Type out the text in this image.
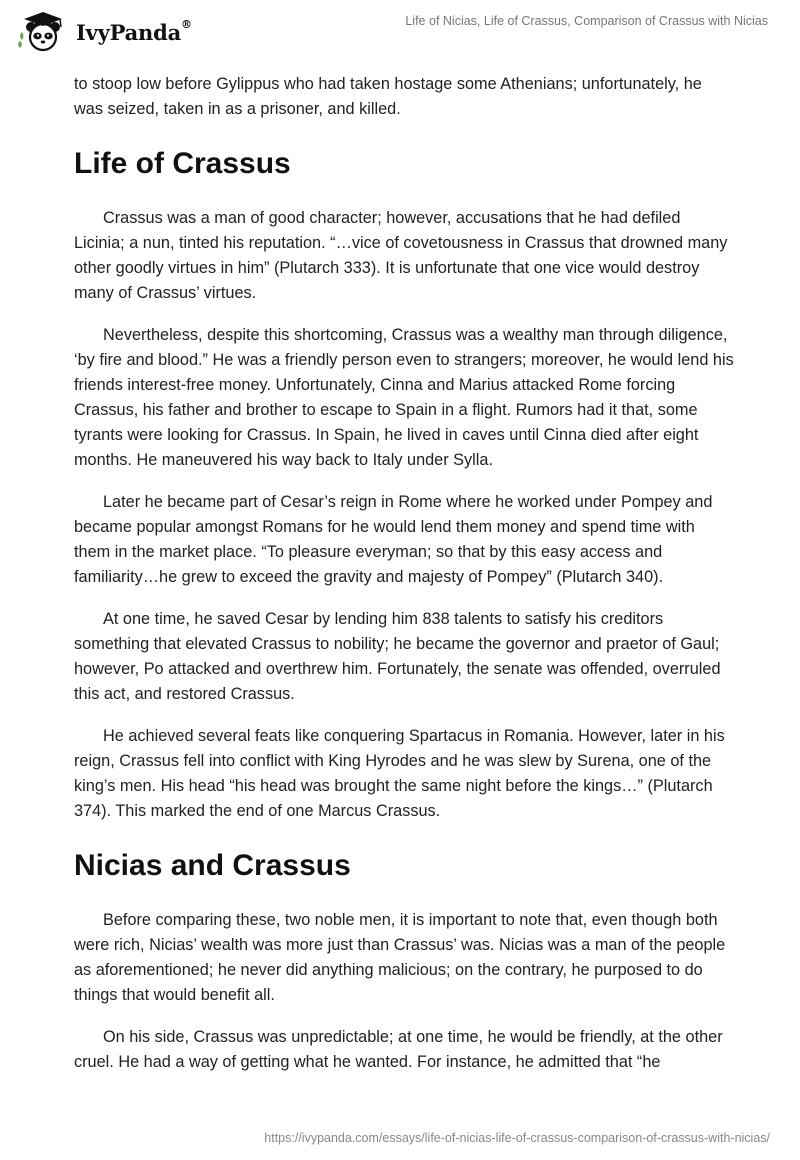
IvyPanda®	Life of Nicias, Life of Crassus, Comparison of Crassus with Nicias

to stoop low before Gylippus who had taken hostage some Athenians; unfortunately, he was seized, taken in as a prisoner, and killed.

Life of Crassus

Crassus was a man of good character; however, accusations that he had defiled Licinia; a nun, tinted his reputation. “…vice of covetousness in Crassus that drowned many other goodly virtues in him” (Plutarch 333). It is unfortunate that one vice would destroy many of Crassus’ virtues.

Nevertheless, despite this shortcoming, Crassus was a wealthy man through diligence, ‘by fire and blood.” He was a friendly person even to strangers; moreover, he would lend his friends interest-free money. Unfortunately, Cinna and Marius attacked Rome forcing Crassus, his father and brother to escape to Spain in a flight. Rumors had it that, some tyrants were looking for Crassus. In Spain, he lived in caves until Cinna died after eight months. He maneuvered his way back to Italy under Sylla.

Later he became part of Cesar’s reign in Rome where he worked under Pompey and became popular amongst Romans for he would lend them money and spend time with them in the market place. “To pleasure everyman; so that by this easy access and familiarity…he grew to exceed the gravity and majesty of Pompey” (Plutarch 340).

At one time, he saved Cesar by lending him 838 talents to satisfy his creditors something that elevated Crassus to nobility; he became the governor and praetor of Gaul; however, Po attacked and overthrew him. Fortunately, the senate was offended, overruled this act, and restored Crassus.

He achieved several feats like conquering Spartacus in Romania. However, later in his reign, Crassus fell into conflict with King Hyrodes and he was slew by Surena, one of the king’s men. His head “his head was brought the same night before the kings…” (Plutarch 374). This marked the end of one Marcus Crassus.

Nicias and Crassus

Before comparing these, two noble men, it is important to note that, even though both were rich, Nicias’ wealth was more just than Crassus’ was. Nicias was a man of the people as aforementioned; he never did anything malicious; on the contrary, he purposed to do things that would benefit all.

On his side, Crassus was unpredictable; at one time, he would be friendly, at the other cruel. He had a way of getting what he wanted. For instance, he admitted that “he

https://ivypanda.com/essays/life-of-nicias-life-of-crassus-comparison-of-crassus-with-nicias/
